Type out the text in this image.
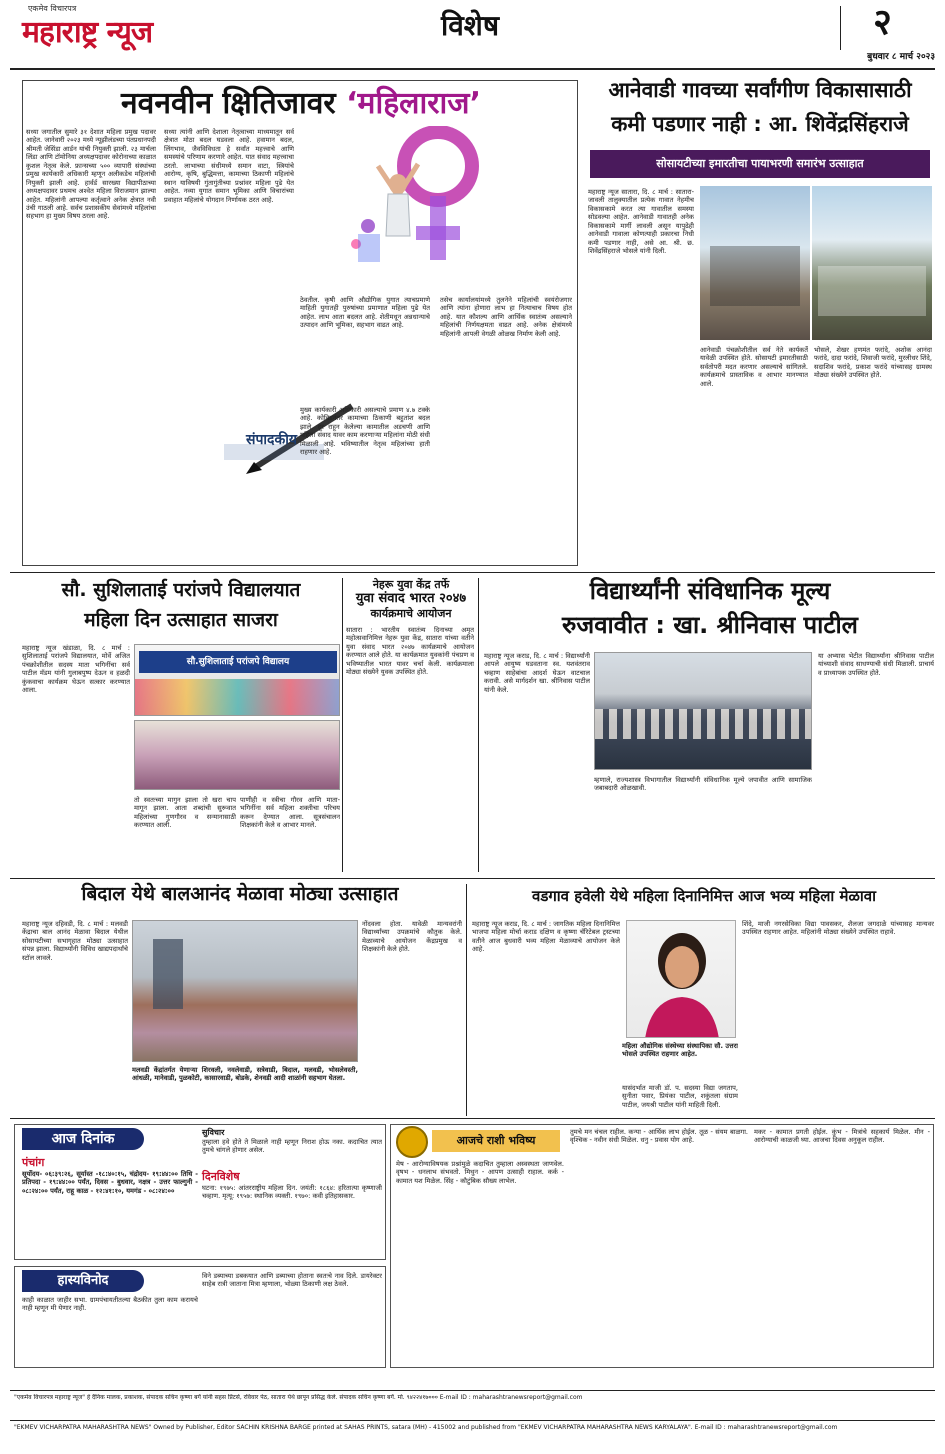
एकमेव विचारपत्र
महाराष्ट्र न्यूज	विशेष	२
बुधवार ८ मार्च २०२३
नवनवीन क्षितिजावर ‘महिलाराज’
सध्या जगातील सुमारे ३१ देशात महिला प्रमुख पदावर आहेत. जानेवारी २०२३ मध्ये न्यूझीलंडच्या पंतप्रधानपदी श्रीमती जेसिंडा आर्डन यांची नियुक्ती झाली. २३ मार्चला लिंडा आणि टॉमोनिया अध्यक्षपदावर कोरोनाच्या काळात कुशल नेतृत्व केले. फ्रान्सच्या ५०० व्यापारी संस्थांच्या प्रमुख कार्यकारी अधिकारी म्हणून अलीकडेच महिलांची नियुक्ती झाली आहे. हार्वर्ड सारख्या विद्यापीठाच्या अध्यक्षपदावर प्रथमच अश्वेत महिला विराजमान झाल्या आहेत. महिलांनी आपल्या कर्तृत्वाने अनेक क्षेत्रात नवी उंची गाठली आहे. सर्वच प्रशासकीय सेवांमध्ये महिलांचा सहभाग हा मुख्य विषय ठरला आहे.
सध्या त्यांनी आणि देशाला नेतृत्वाच्या माध्यमातून सर्व क्षेत्रात मोठा बदल घडवला आहे. हवामान बदल, लिंगभाव, जैवविविधता हे सर्वांत महत्त्वाचे आणि समस्यांचे परिणाम करणारे आहेत. यात संवाद महत्त्वाचा ठरतो. लाभाच्या संधीमध्ये समान वाटा, स्त्रियांचे आरोग्य, कृषि, बुद्धिमत्ता, कामाच्या ठिकाणी महिलांचे स्थान याविषयी गुंतागुंतीच्या प्रश्नांवर महिला पुढे येत आहेत. नव्या युगात समान भूमिका आणि विचारांच्या प्रवाहात महिलांचे योगदान निर्णायक ठरत आहे.
ठेवतील. कृषी आणि औद्योगिक युगात त्याचप्रमाणे माहिती युगातही पुरुषांच्या प्रमाणात महिला पुढे येत आहेत. लाभ आता बदलत आहे. शेतीमधून अन्नधान्याचे उत्पादन आणि भूमिका, सहभाग वाढत आहे.
संपादकीय
मुख्य कार्यकारी अधिकारी असल्याचे प्रमाण ४.७ टक्के आहे. कोविडनंतर कामाच्या ठिकाणी बहुतांश बदल झाले. दूर राहून केलेल्या कामातील अडचणी आणि महिला संवाद यावर काम करणाऱ्या महिलांना मोठी संधी मिळाली आहे. भविष्यातील नेतृत्व महिलांच्या हाती राहणार आहे.
तसेच कार्यालयांमध्ये तुलनेने महिलांची स्वयंरोजगार आणि त्यांना होणारा लाभ हा नित्याचाच विषय होत आहे. यात कौशल्य आणि आर्थिक स्वातंत्र्य असल्याने महिलांची निर्णयक्षमता वाढत आहे. अनेक क्षेत्रांमध्ये महिलांनी आपली वेगळी ओळख निर्माण केली आहे.
आनेवाडी गावच्या सर्वांगीण विकासासाठी
कमी पडणार नाही : आ. शिवेंद्रसिंहराजे
सोसायटीच्या इमारतीचा पायाभरणी समारंभ उत्साहात
महाराष्ट्र न्यूज सातारा, दि. ८ मार्च : सातारा-जावली तालुक्यातील प्रत्येक गावात नेहमीच विकासकामे करत त्या गावातील समस्या सोडवल्या आहेत. आनेवाडी गावातही अनेक विकासकामे मार्गी लावली असून यापुढेही आनेवाडी गावाला कोणत्याही प्रकारचा निधी कमी पडणार नाही, असे आ. श्री. छ. शिवेंद्रसिंहराजे भोसले यांनी दिली.
आनेवाडी पंचक्रोशीतील सर्व नेते कार्यकर्ते यावेळी उपस्थित होते. सोसायटी इमारतीसाठी सर्वतोपरी मदत करणार असल्याचे सांगितले. कार्यक्रमाचे प्रास्ताविक व आभार मानण्यात आले.
भोसले, शेखर हणमंत फरांदे, अशोक आनंदा फरांदे, दादा फरांदे, शिवाजी फरांदे, मुरलीधर शिंदे, सदाशिव फरांदे, प्रकाश फरांदे यांच्यासह ग्रामस्थ मोठ्या संख्येने उपस्थित होते.
सौ. सुशिलाताई परांजपे विद्यालयात
महिला दिन उत्साहात साजरा
महाराष्ट्र न्यूज खंडाळा, दि. ८ मार्च : सुशिलाताई परांजपे विद्यालयात, मोर्वे अजित पंचक्रोशीतील सदस्य माता भगिनींचा सर्व पाटील मॅडम यांनी गुलाबपुष्प देऊन व हळदी कुंकवाचा कार्यक्रम घेऊन सत्कार करण्यात आला.
सौ.सुशिलाताई परांजपे विद्यालय
तो स्वतःच्या मागुन झाला तो खरा चाप मागून झाला. आता शब्दांची सुरूवात महिलांच्या गुणगौरव व सन्मानासाठी करण्यात आली.
पाणीही व स्त्रीचा गौरव आणि माता-भगिनींना सर्व महिला शक्तीचा परिचय करून देण्यात आला. सूत्रसंचालन शिक्षकांनी केले व आभार मानले.
नेहरू युवा केंद्र तर्फे
युवा संवाद भारत २०४७
कार्यक्रमाचे आयोजन
सातारा : भारतीय स्वातंत्र्य दिनाच्या अमृत महोत्सवानिमित्त नेहरू युवा केंद्र, सातारा यांच्या वतीने युवा संवाद भारत २०४७ कार्यक्रमाचे आयोजन करण्यात आले होते. या कार्यक्रमात युवकांनी पंचप्रण व भविष्यातील भारत यावर चर्चा केली. कार्यक्रमाला मोठ्या संख्येने युवक उपस्थित होते.
विद्यार्थ्यांनी संविधानिक मूल्य
रुजवावीत : खा. श्रीनिवास पाटील
महाराष्ट्र न्यूज कराड, दि. ८ मार्च : विद्यार्थ्यांनी आपले आयुष्य घडवताना स्व. यशवंतराव चव्हाण साहेबांचा आदर्श घेऊन वाटचाल करावी. असे मार्गदर्शन खा. श्रीनिवास पाटील यांनी केले.
म्हणाले, राज्यशास्त्र विभागातील विद्यार्थ्यांनी संविधानिक मूल्ये जपावीत आणि सामाजिक जबाबदारी ओळखावी.
या अभ्यास भेटीत विद्यार्थ्यांना श्रीनिवास पाटील यांच्याशी संवाद साधण्याची संधी मिळाली. प्राचार्य व प्राध्यापक उपस्थित होते.
बिदाल येथे बालआनंद मेळावा मोठ्या उत्साहात
महाराष्ट्र न्यूज दहिवडी, दि. ८ मार्च : मलवडी केंद्राचा बाल आनंद मेळावा बिदाल येथील सोसायटीच्या सभागृहात मोठ्या उत्साहात संपन्न झाला. विद्यार्थ्यांनी विविध खाद्यपदार्थांचे स्टॉल लावले.
मलवडी केंद्रांतर्गत येणाऱ्या शिरवली, नवलेवाडी, सत्रेवाडी, बिदाल, मलवडी, भोसलेवस्ती, आंधळी, मानेवाडी, पुळकोटी, कासारवाडी, बोडके, शेनवडी आदी शाळांनी सहभाग घेतला.
नोंदवला होता. यावेळी मान्यवरांनी विद्यार्थ्यांच्या उपक्रमांचे कौतुक केले. मेळाव्याचे आयोजन केंद्रप्रमुख व शिक्षकांनी केले होते.
वडगाव हवेली येथे महिला दिनानिमित्त आज भव्य महिला मेळावा
महाराष्ट्र न्यूज कराड, दि. ८ मार्च : जागतिक महिला दिनानिमित्त भाजपा महिला मोर्चा कराड दक्षिण व कृष्णा चॅरिटेबल ट्रस्टच्या वतीने आज बुधवारी भव्य महिला मेळाव्याचे आयोजन केले आहे.
महिला औद्योगिक संस्थेच्या संस्थापिका सौ. उत्तरा भोसले उपस्थित राहणार आहेत.
यासंदर्भात माजी डॉ. प. सदस्या विद्या जगताप, सुनीता पवार, प्रियंका पाटील, शकुंतला संग्राम पाटील, जयश्री पाटील यांनी माहिती दिली.
शिंदे, माजी नगरसेविका विद्या पावसकर, शैलजा जगदाळे यांच्यासह मान्यवर उपस्थित राहणार आहेत. महिलांनी मोठ्या संख्येने उपस्थित राहावे.
आज दिनांक
पंचांग
सूर्योदय- ०६:३९:२६, सूर्यास्त -१८:४०:१५, चंद्रोदय- १९:४४:०० तिथि - प्रतिपदा - १९:४४:०० पर्यंत, दिवस - बुधवार, नक्षत्र - उत्तर फाल्गुनी - ०८:२४:०० पर्यंत, राहू काळ - १२:४१:१०, यमगंड - ०८:२४:००
सुविचार
तुम्हाला हवे होते ते मिळाले नाही म्हणून निराश होऊ नका. कदाचित त्यात तुमचे चांगले होणार असेल.
दिनविशेष
घटना: १९७५: आंतरराष्ट्रीय महिला दिन. जयंती: १८६४: हरितात्या कृष्णाजी चव्हाण. मृत्यू: १९५७: स्थानिक व्यक्ती. १९७०: कवी इतिहासकार.
हास्यविनोद
काही काळात जाहीर सभा. ग्रामपंचायतीतल्या बैठकीत तुला काम करायचे नाही म्हणून मी येणार नाही.
विने डब्याच्या डबकयात आणि डब्याच्या होताना स्वतःचे नाव दिले. डायरेक्टर साहेब रात्री जाताना मित्रा म्हणाला, भोळ्या ठिकाणी लक्ष ठेवले.
आजचे राशी भविष्य
मेष - आरोग्याविषयक प्रश्नांमुळे कदाचित तुम्हाला अस्वस्थता जाणवेल. वृषभ - धनलाभ संभवतो. मिथुन - आपण उत्साही राहाल. कर्क - कामात यश मिळेल. सिंह - कौटुंबिक सौख्य लाभेल.
तुमचे मन चंचल राहील. कन्या - आर्थिक लाभ होईल. तूळ - संयम बाळगा. वृश्चिक - नवीन संधी मिळेल. धनु - प्रवास योग आहे.
मकर - कामात प्रगती होईल. कुंभ - मित्रांचे सहकार्य मिळेल. मीन - आरोग्याची काळजी घ्या. आजचा दिवस अनुकूल राहील.
"एकमेव विचारपत्र महाराष्ट्र न्यूज" हे दैनिक मालक, प्रकाशक, संपादक सचिन कृष्णा बर्गे यांनी सहस प्रिंटर्स, रविवार पेठ, सातारा येथे छापून प्रसिद्ध केले. संपादक सचिन कृष्णा बर्गे. मो. ९४२२४१७००० E-mail ID : maharashtranewsreport@gmail.com
"EKMEV VICHARPATRA MAHARASHTRA NEWS" Owned by Publisher, Editor SACHIN KRISHNA BARGE printed at SAHAS PRINTS, satara (MH) - 415002 and published from "EKMEV VICHARPATRA MAHARASHTRA NEWS KARYALAYA". E-mail ID : maharashtranewsreport@gmail.com
